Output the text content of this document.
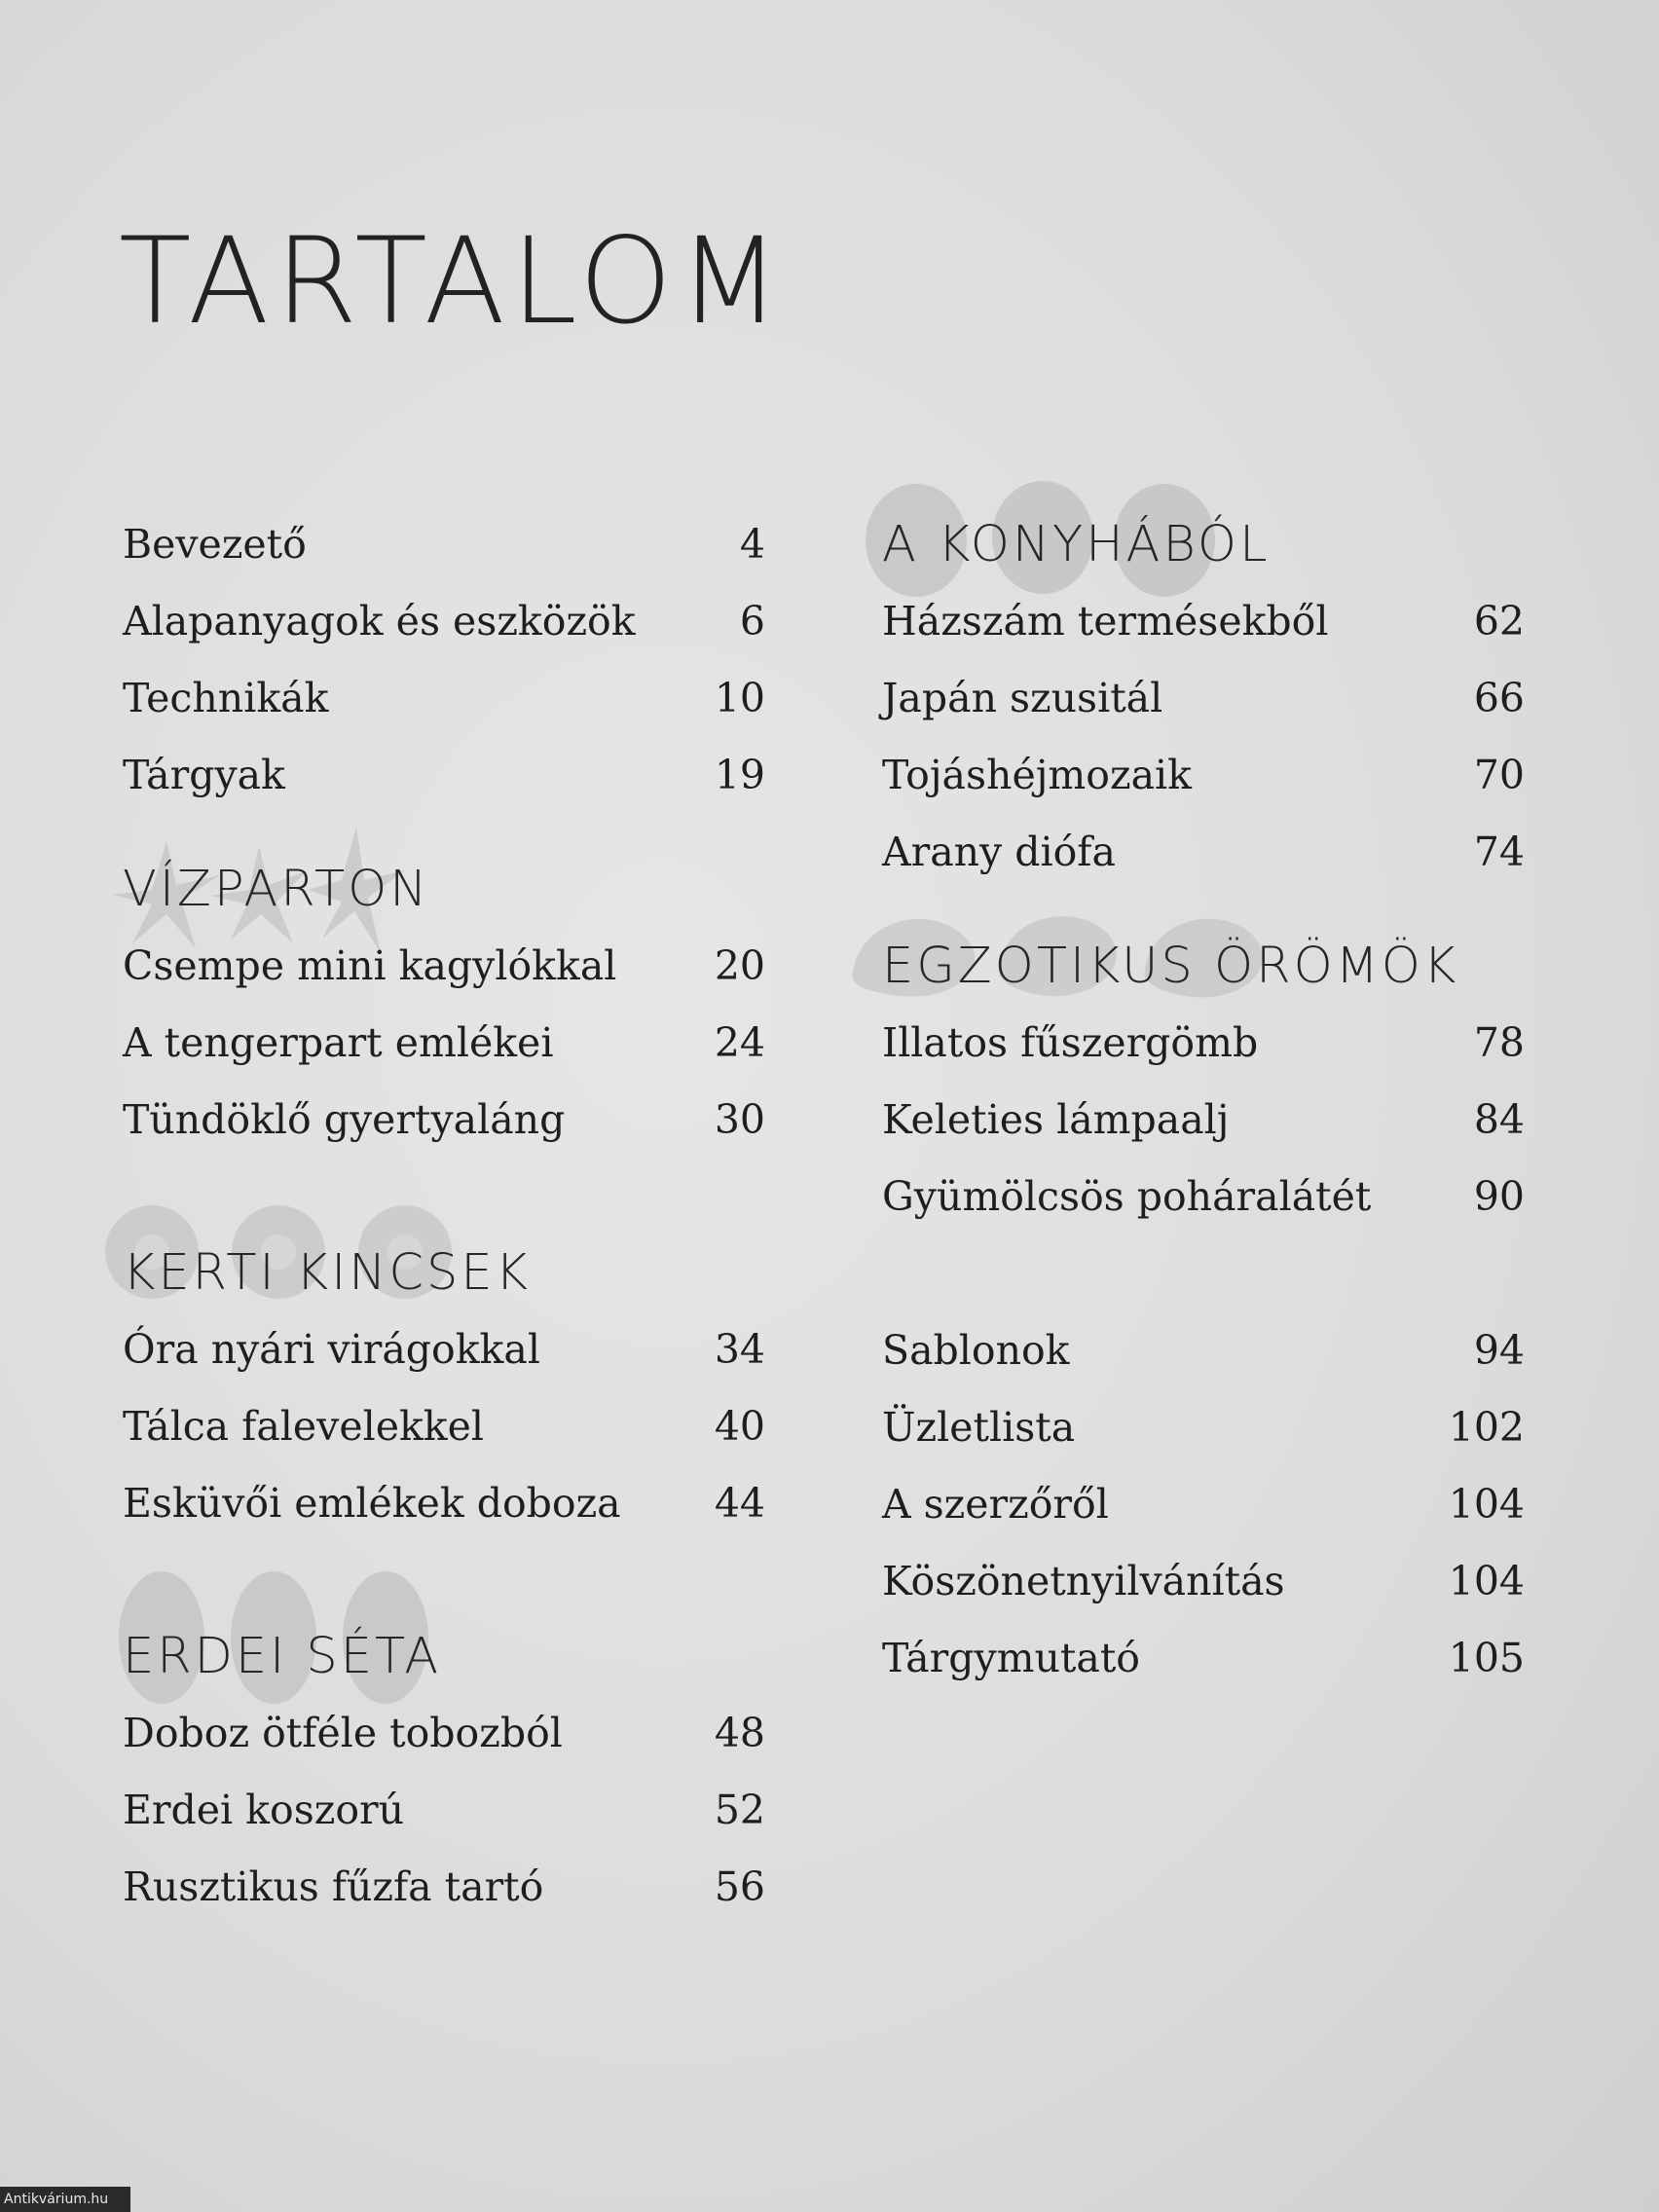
TARTALOM
Bevezető	4
Alapanyagok és eszközök	6
Technikák	10
Tárgyak	19
VÍZPARTON
Csempe mini kagylókkal 20
A tengerpart emlékei	24
Tündöklő gyertyaláng	30
KERTI KINCSEK
Óra nyári virágokkal	34
Tálca falevelekkel	40
Esküvői emlékek doboza 44
ERDEI SÉTA
Doboz ötféle tobozból	48
Erdei koszorú	52
Rusztikus fűzfa tartó	56
A KONYHÁBÓL
Házszám termésekből	62
Japán szusitál	66
Tojáshéjmozaik	70
Arany diófa	74
EGZOTIKUS ÖRÖMÖK
Illatos fűszergömb	78
Keleties lámpaalj	84
Gyümölcsös poháralátét	90
Sablonok	94
Üzletlista	102
A szerzőről	104
Köszönetnyilvánítás	104
Tárgymutató	105
Antikvárium.hu
